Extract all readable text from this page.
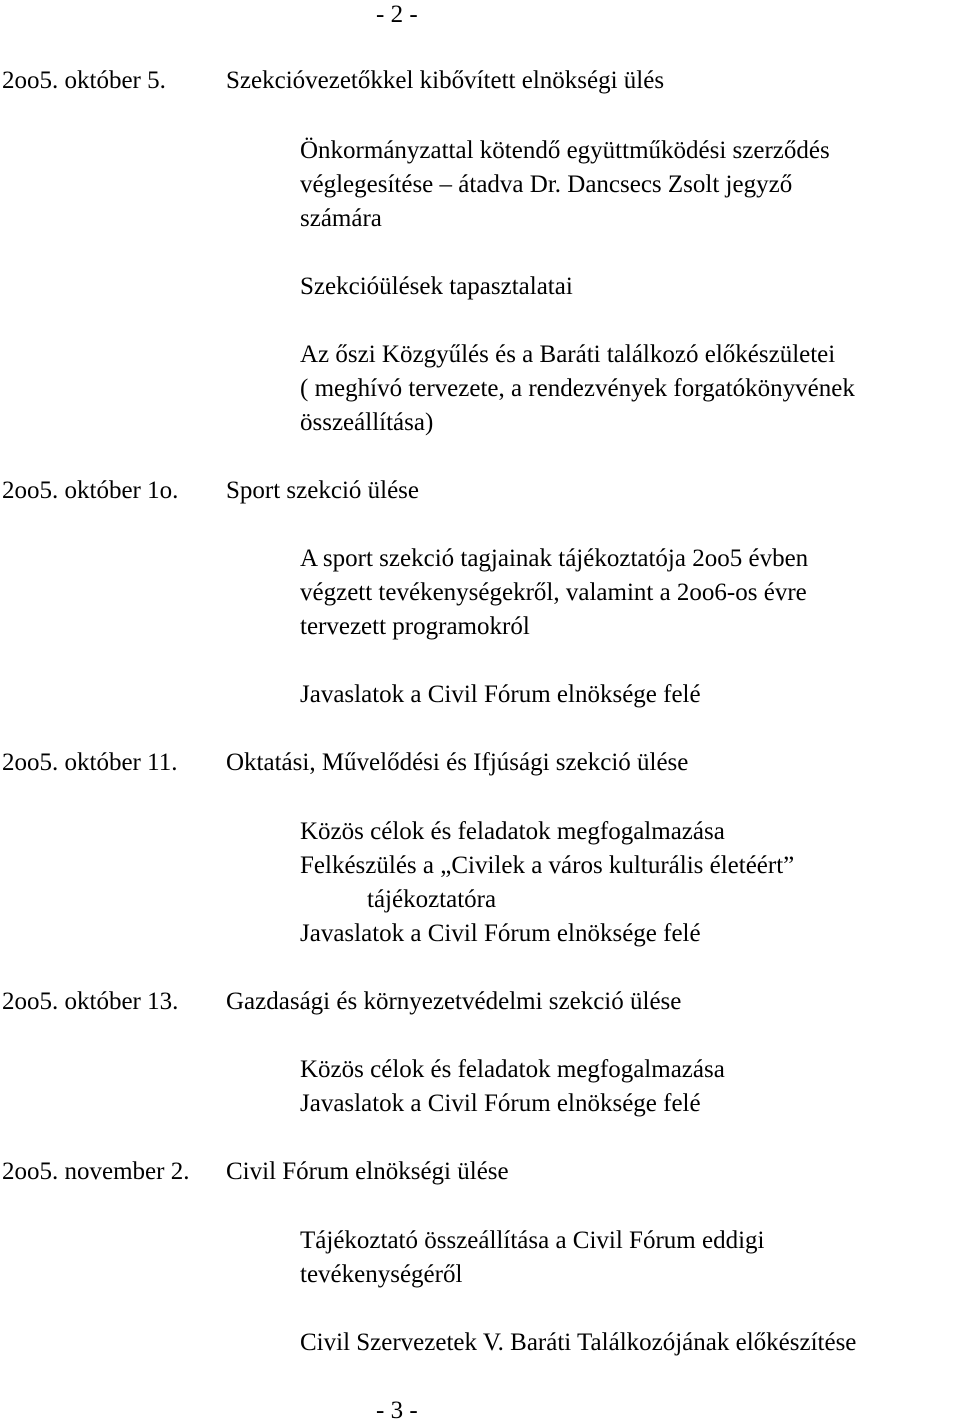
- 2 -
2oo5. október 5. Szekcióvezetőkkel kibővített elnökségi ülés
Önkormányzattal kötendő együttműködési szerződés
véglegesítése – átadva Dr. Dancsecs Zsolt jegyző
számára
Szekcióülések tapasztalatai
Az őszi Közgyűlés és a Baráti találkozó előkészületei
( meghívó tervezete, a rendezvények forgatókönyvének
összeállítása)
2oo5. október 1o. Sport szekció ülése
A sport szekció tagjainak tájékoztatója 2oo5 évben
végzett tevékenységekről, valamint a 2oo6-os évre
tervezett programokról
Javaslatok a Civil Fórum elnöksége felé
2oo5. október 11. Oktatási, Művelődési és Ifjúsági szekció ülése
Közös célok és feladatok megfogalmazása
Felkészülés a „Civilek a város kulturális életéért”
tájékoztatóra
Javaslatok a Civil Fórum elnöksége felé
2oo5. október 13. Gazdasági és környezetvédelmi szekció ülése
Közös célok és feladatok megfogalmazása
Javaslatok a Civil Fórum elnöksége felé
2oo5. november 2. Civil Fórum elnökségi ülése
Tájékoztató összeállítása a Civil Fórum eddigi
tevékenységéről
Civil Szervezetek V. Baráti Találkozójának előkészítése
- 3 -
